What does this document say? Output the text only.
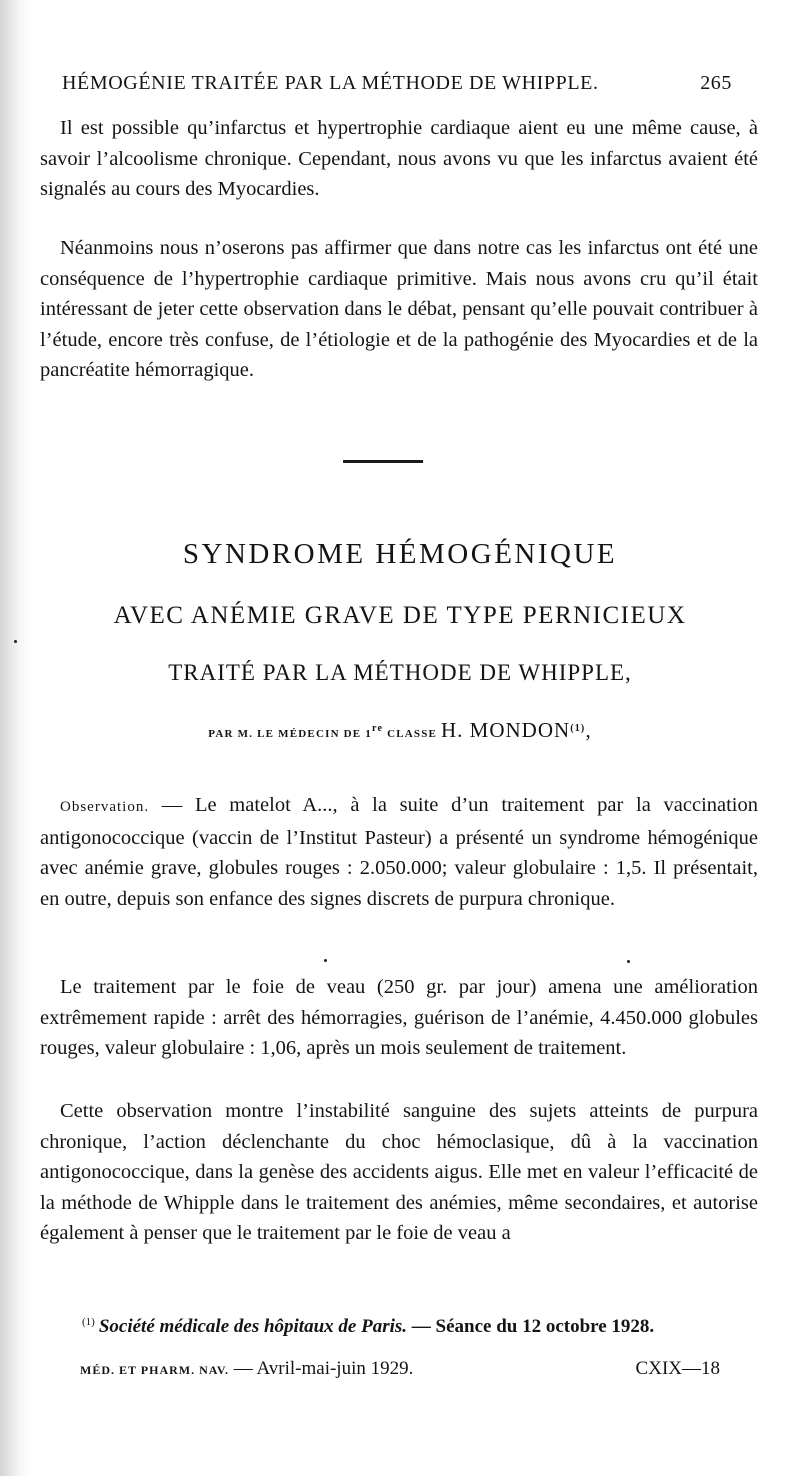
HÉMOGÉNIE TRAITÉE PAR LA MÉTHODE DE WHIPPLE.	265

Il est possible qu’infarctus et hypertrophie cardiaque aient eu une même cause, à savoir l’alcoolisme chronique. Cependant, nous avons vu que les infarctus avaient été signalés au cours des Myocardies.

Néanmoins nous n’oserons pas affirmer que dans notre cas les infarctus ont été une conséquence de l’hypertrophie cardiaque primitive. Mais nous avons cru qu’il était intéressant de jeter cette observation dans le débat, pensant qu’elle pouvait contribuer à l’étude, encore très confuse, de l’étiologie et de la pathogénie des Myocardies et de la pancréatite hémorragique.

SYNDROME HÉMOGÉNIQUE
AVEC ANÉMIE GRAVE DE TYPE PERNICIEUX
TRAITÉ PAR LA MÉTHODE DE WHIPPLE,
PAR M. LE MÉDECIN DE 1re CLASSE H. MONDON$^{(1)}$,

Observation. — Le matelot A..., à la suite d’un traitement par la vaccination antigonococcique (vaccin de l’Institut Pasteur) a présenté un syndrome hémogénique avec anémie grave, globules rouges : 2.050.000; valeur globulaire : 1,5. Il présentait, en outre, depuis son enfance des signes discrets de purpura chronique.

Le traitement par le foie de veau (250 gr. par jour) amena une amélioration extrêmement rapide : arrêt des hémorragies, guérison de l’anémie, 4.450.000 globules rouges, valeur globulaire : 1,06, après un mois seulement de traitement.

Cette observation montre l’instabilité sanguine des sujets atteints de purpura chronique, l’action déclenchante du choc hémoclasique, dû à la vaccination antigonococcique, dans la genèse des accidents aigus. Elle met en valeur l’efficacité de la méthode de Whipple dans le traitement des anémies, même secondaires, et autorise également à penser que le traitement par le foie de veau a

$^{(1)}$ Société médicale des hôpitaux de Paris. — Séance du 12 octobre 1928.
MÉD. ET PHARM. NAV. — Avril-mai-juin 1929.	CXIX—18
